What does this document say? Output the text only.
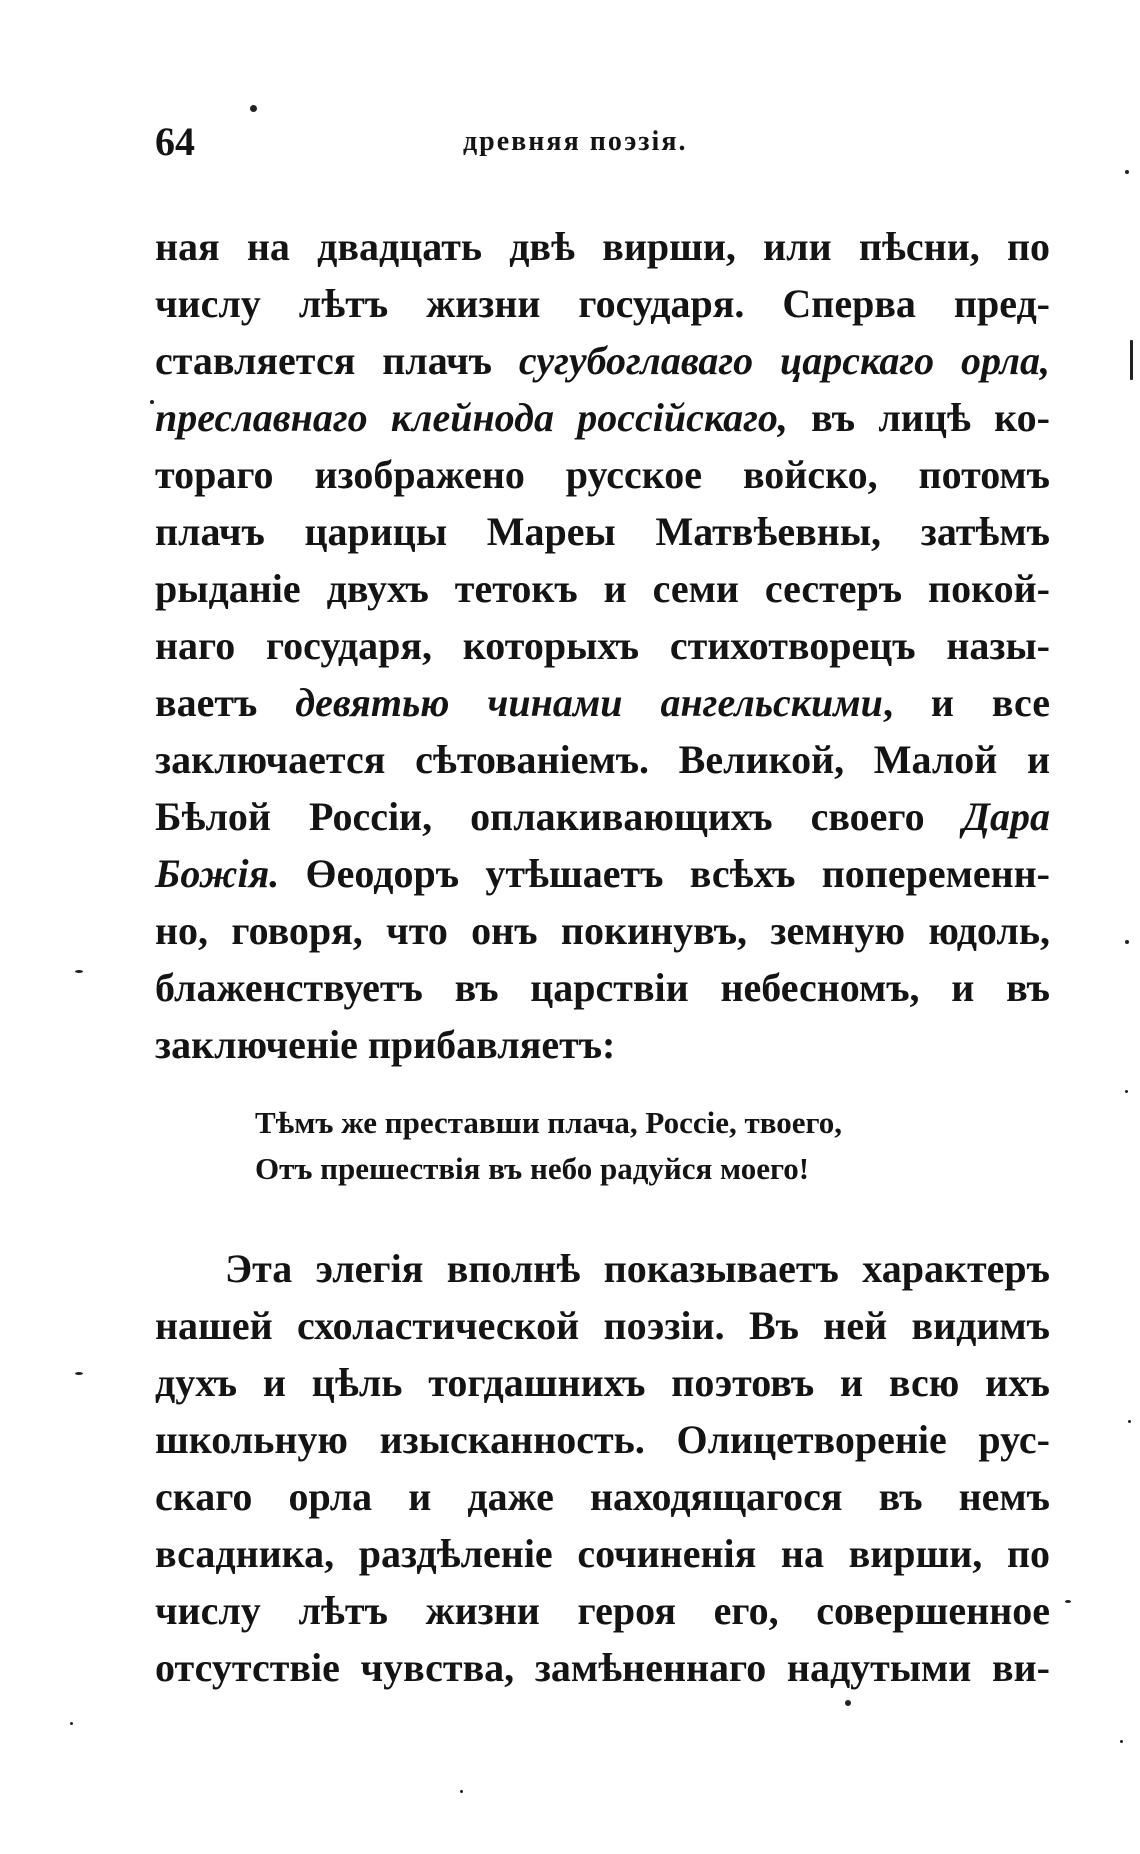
64	древняя поэзія.
ная на двадцать двѣ вирши, или пѣсни, по
числу лѣтъ жизни государя. Сперва пред-
ставляется плачъ сугубоглаваго царскаго орла,
преславнаго клейнода россійскаго, въ лицѣ ко-
тораго изображено русское войско, потомъ
плачъ царицы Мареы Матвѣевны, затѣмъ
рыданіе двухъ тетокъ и семи сестеръ покой-
наго государя, которыхъ стихотворецъ назы-
ваетъ девятью чинами ангельскими, и все
заключается сѣтованіемъ. Великой, Малой и
Бѣлой Россіи, оплакивающихъ своего Дара
Божія. Өеодоръ утѣшаетъ всѣхъ попеременн-
но, говоря, что онъ покинувъ, земную юдоль,
блаженствуетъ въ царствіи небесномъ, и въ
заключеніе прибавляетъ:
Тѣмъ же преставши плача, Россіе, твоего,
Отъ прешествія въ небо радуйся моего!
Эта элегія вполнѣ показываетъ характеръ
нашей схоластической поэзіи. Въ ней видимъ
духъ и цѣль тогдашнихъ поэтовъ и всю ихъ
школьную изысканность. Олицетвореніе рус-
скаго орла и даже находящагося въ немъ
всадника, раздѣленіе сочиненія на вирши, по
числу лѣтъ жизни героя его, совершенное
отсутствіе чувства, замѣненнаго надутыми ви-
